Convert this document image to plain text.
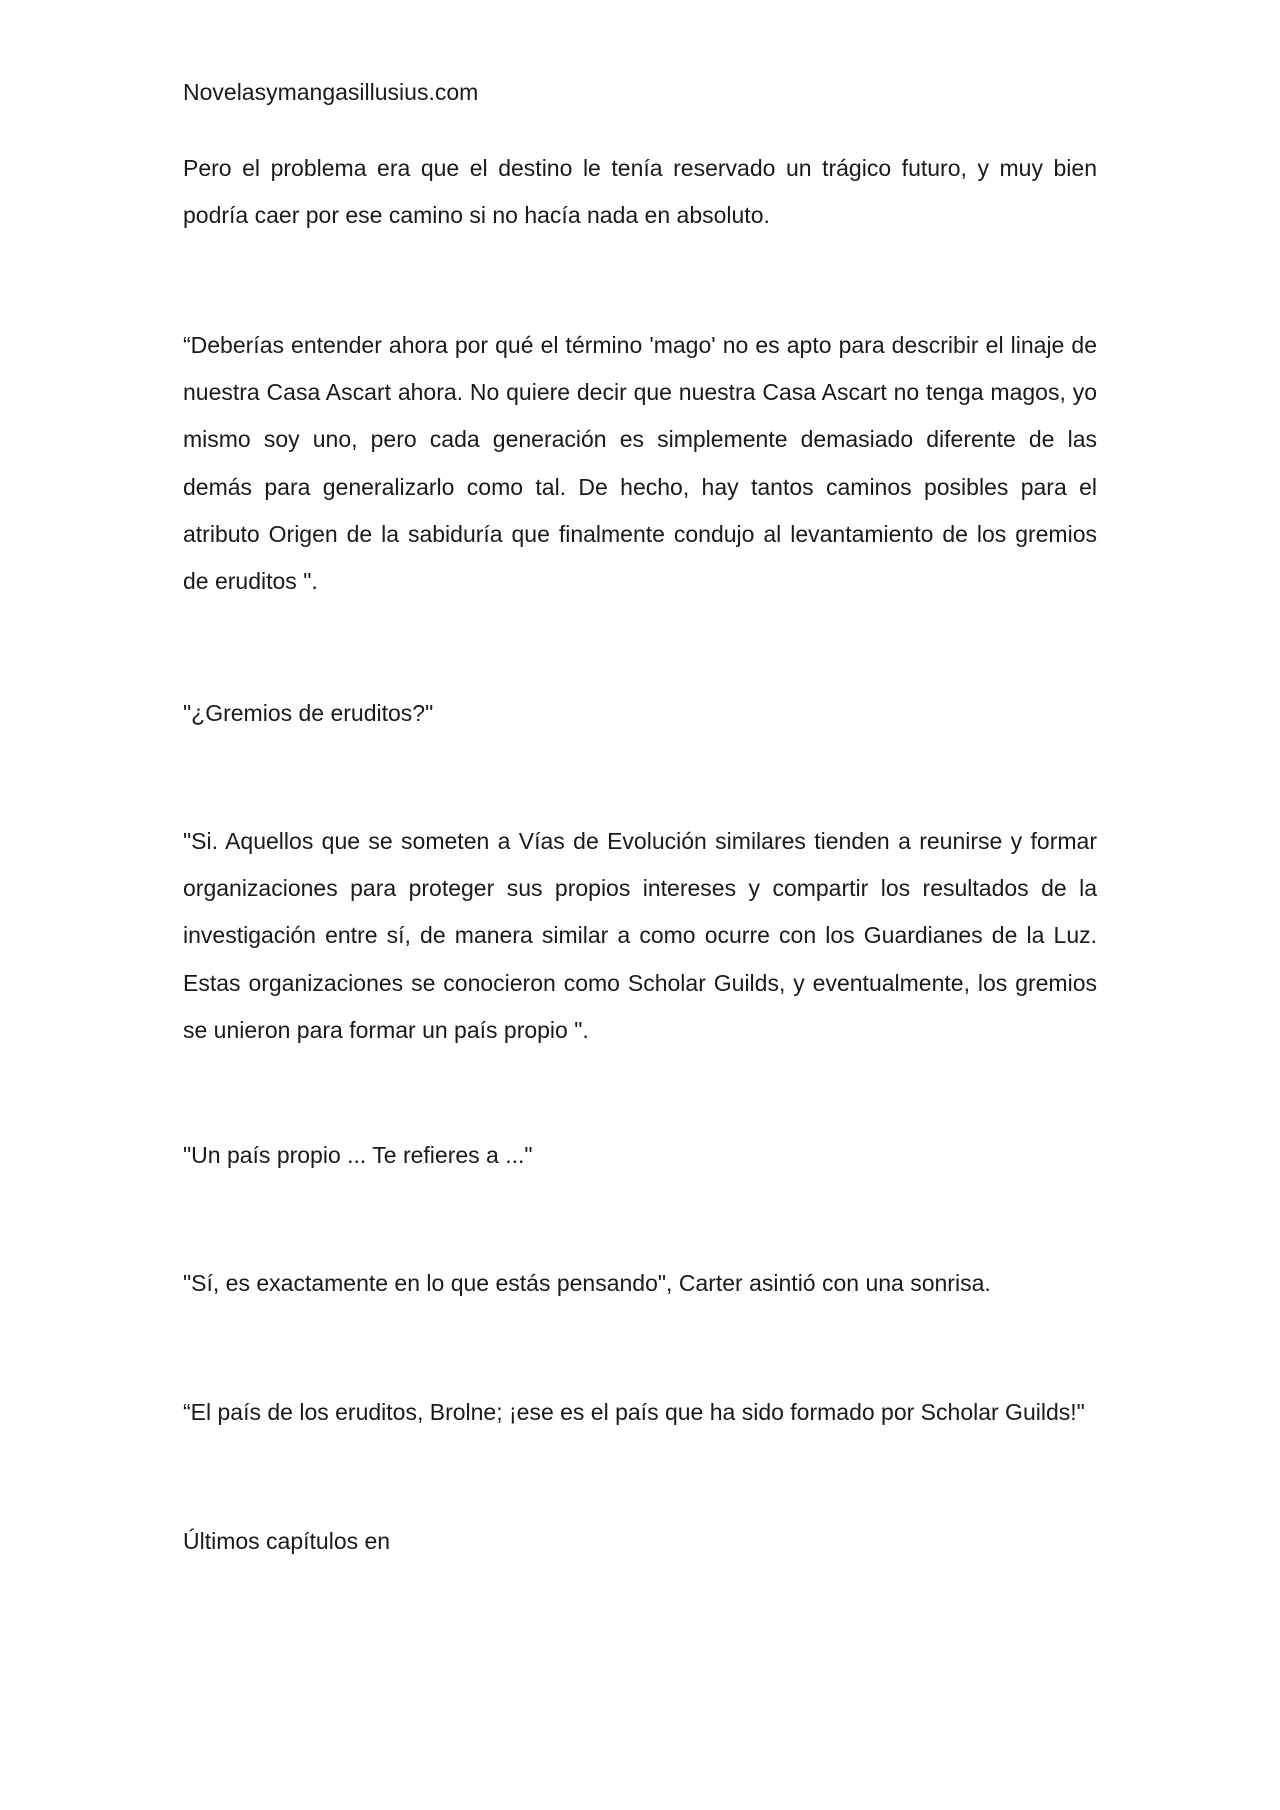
Novelasymangasillusius.com

Pero el problema era que el destino le tenía reservado un trágico futuro, y muy bien podría caer por ese camino si no hacía nada en absoluto.

“Deberías entender ahora por qué el término 'mago' no es apto para describir el linaje de nuestra Casa Ascart ahora. No quiere decir que nuestra Casa Ascart no tenga magos, yo mismo soy uno, pero cada generación es simplemente demasiado diferente de las demás para generalizarlo como tal. De hecho, hay tantos caminos posibles para el atributo Origen de la sabiduría que finalmente condujo al levantamiento de los gremios de eruditos ".

"¿Gremios de eruditos?"

"Si. Aquellos que se someten a Vías de Evolución similares tienden a reunirse y formar organizaciones para proteger sus propios intereses y compartir los resultados de la investigación entre sí, de manera similar a como ocurre con los Guardianes de la Luz. Estas organizaciones se conocieron como Scholar Guilds, y eventualmente, los gremios se unieron para formar un país propio ".

"Un país propio ... Te refieres a ..."

"Sí, es exactamente en lo que estás pensando", Carter asintió con una sonrisa.

“El país de los eruditos, Brolne; ¡ese es el país que ha sido formado por Scholar Guilds!"

Últimos capítulos en
